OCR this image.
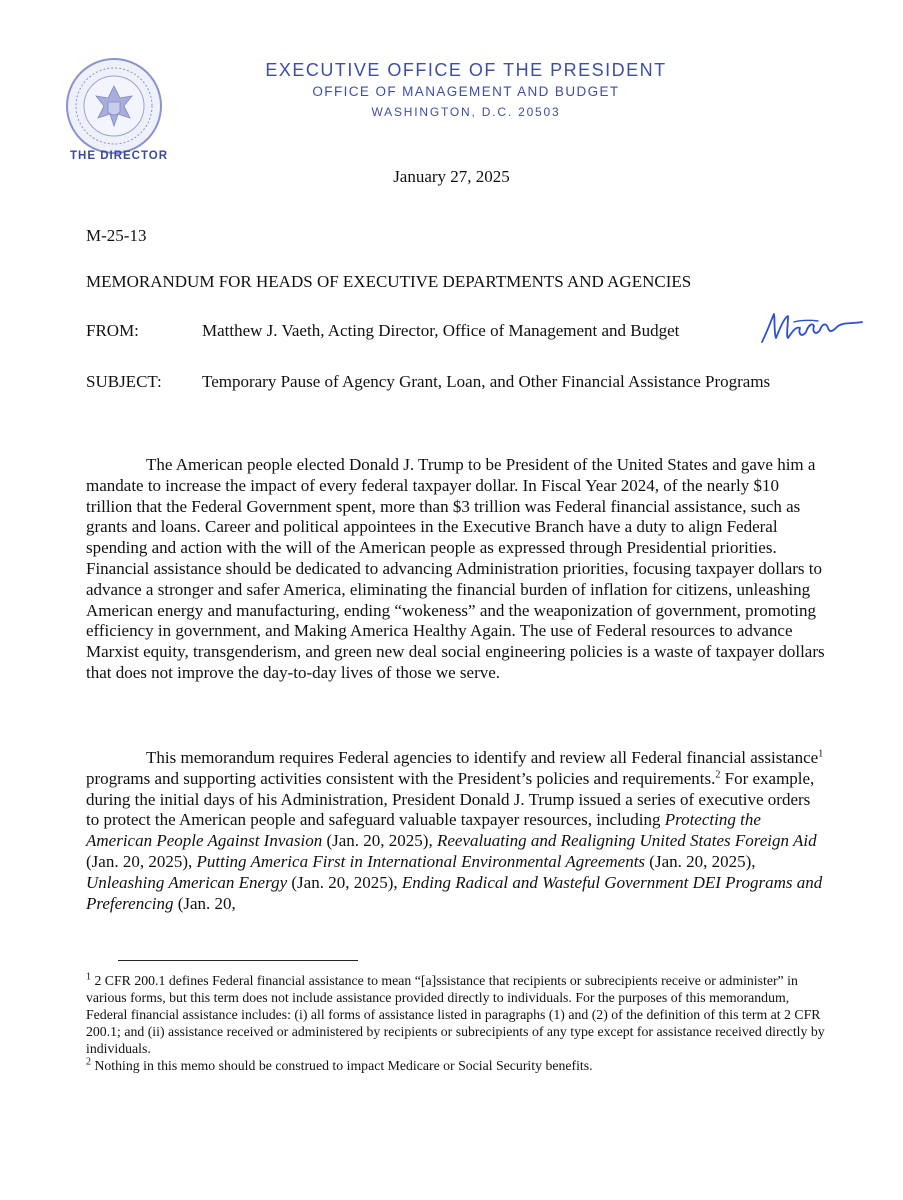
THE DIRECTOR
EXECUTIVE OFFICE OF THE PRESIDENT
OFFICE OF MANAGEMENT AND BUDGET
WASHINGTON, D.C. 20503
January 27, 2025
M-25-13
MEMORANDUM FOR HEADS OF EXECUTIVE DEPARTMENTS AND AGENCIES
FROM:	Matthew J. Vaeth, Acting Director, Office of Management and Budget
SUBJECT: Temporary Pause of Agency Grant, Loan, and Other Financial Assistance Programs
The American people elected Donald J. Trump to be President of the United States and gave him a mandate to increase the impact of every federal taxpayer dollar. In Fiscal Year 2024, of the nearly $10 trillion that the Federal Government spent, more than $3 trillion was Federal financial assistance, such as grants and loans. Career and political appointees in the Executive Branch have a duty to align Federal spending and action with the will of the American people as expressed through Presidential priorities. Financial assistance should be dedicated to advancing Administration priorities, focusing taxpayer dollars to advance a stronger and safer America, eliminating the financial burden of inflation for citizens, unleashing American energy and manufacturing, ending “wokeness” and the weaponization of government, promoting efficiency in government, and Making America Healthy Again. The use of Federal resources to advance Marxist equity, transgenderism, and green new deal social engineering policies is a waste of taxpayer dollars that does not improve the day-to-day lives of those we serve.
This memorandum requires Federal agencies to identify and review all Federal financial assistance$^1$ programs and supporting activities consistent with the President’s policies and requirements.$^2$ For example, during the initial days of his Administration, President Donald J. Trump issued a series of executive orders to protect the American people and safeguard valuable taxpayer resources, including Protecting the American People Against Invasion (Jan. 20, 2025), Reevaluating and Realigning United States Foreign Aid (Jan. 20, 2025), Putting America First in International Environmental Agreements (Jan. 20, 2025), Unleashing American Energy (Jan. 20, 2025), Ending Radical and Wasteful Government DEI Programs and Preferencing (Jan. 20,

$^1$ 2 CFR 200.1 defines Federal financial assistance to mean “[a]ssistance that recipients or subrecipients receive or administer” in various forms, but this term does not include assistance provided directly to individuals. For the purposes of this memorandum, Federal financial assistance includes: (i) all forms of assistance listed in paragraphs (1) and (2) of the definition of this term at 2 CFR 200.1; and (ii) assistance received or administered by recipients or subrecipients of any type except for assistance received directly by individuals.

$^2$ Nothing in this memo should be construed to impact Medicare or Social Security benefits.
